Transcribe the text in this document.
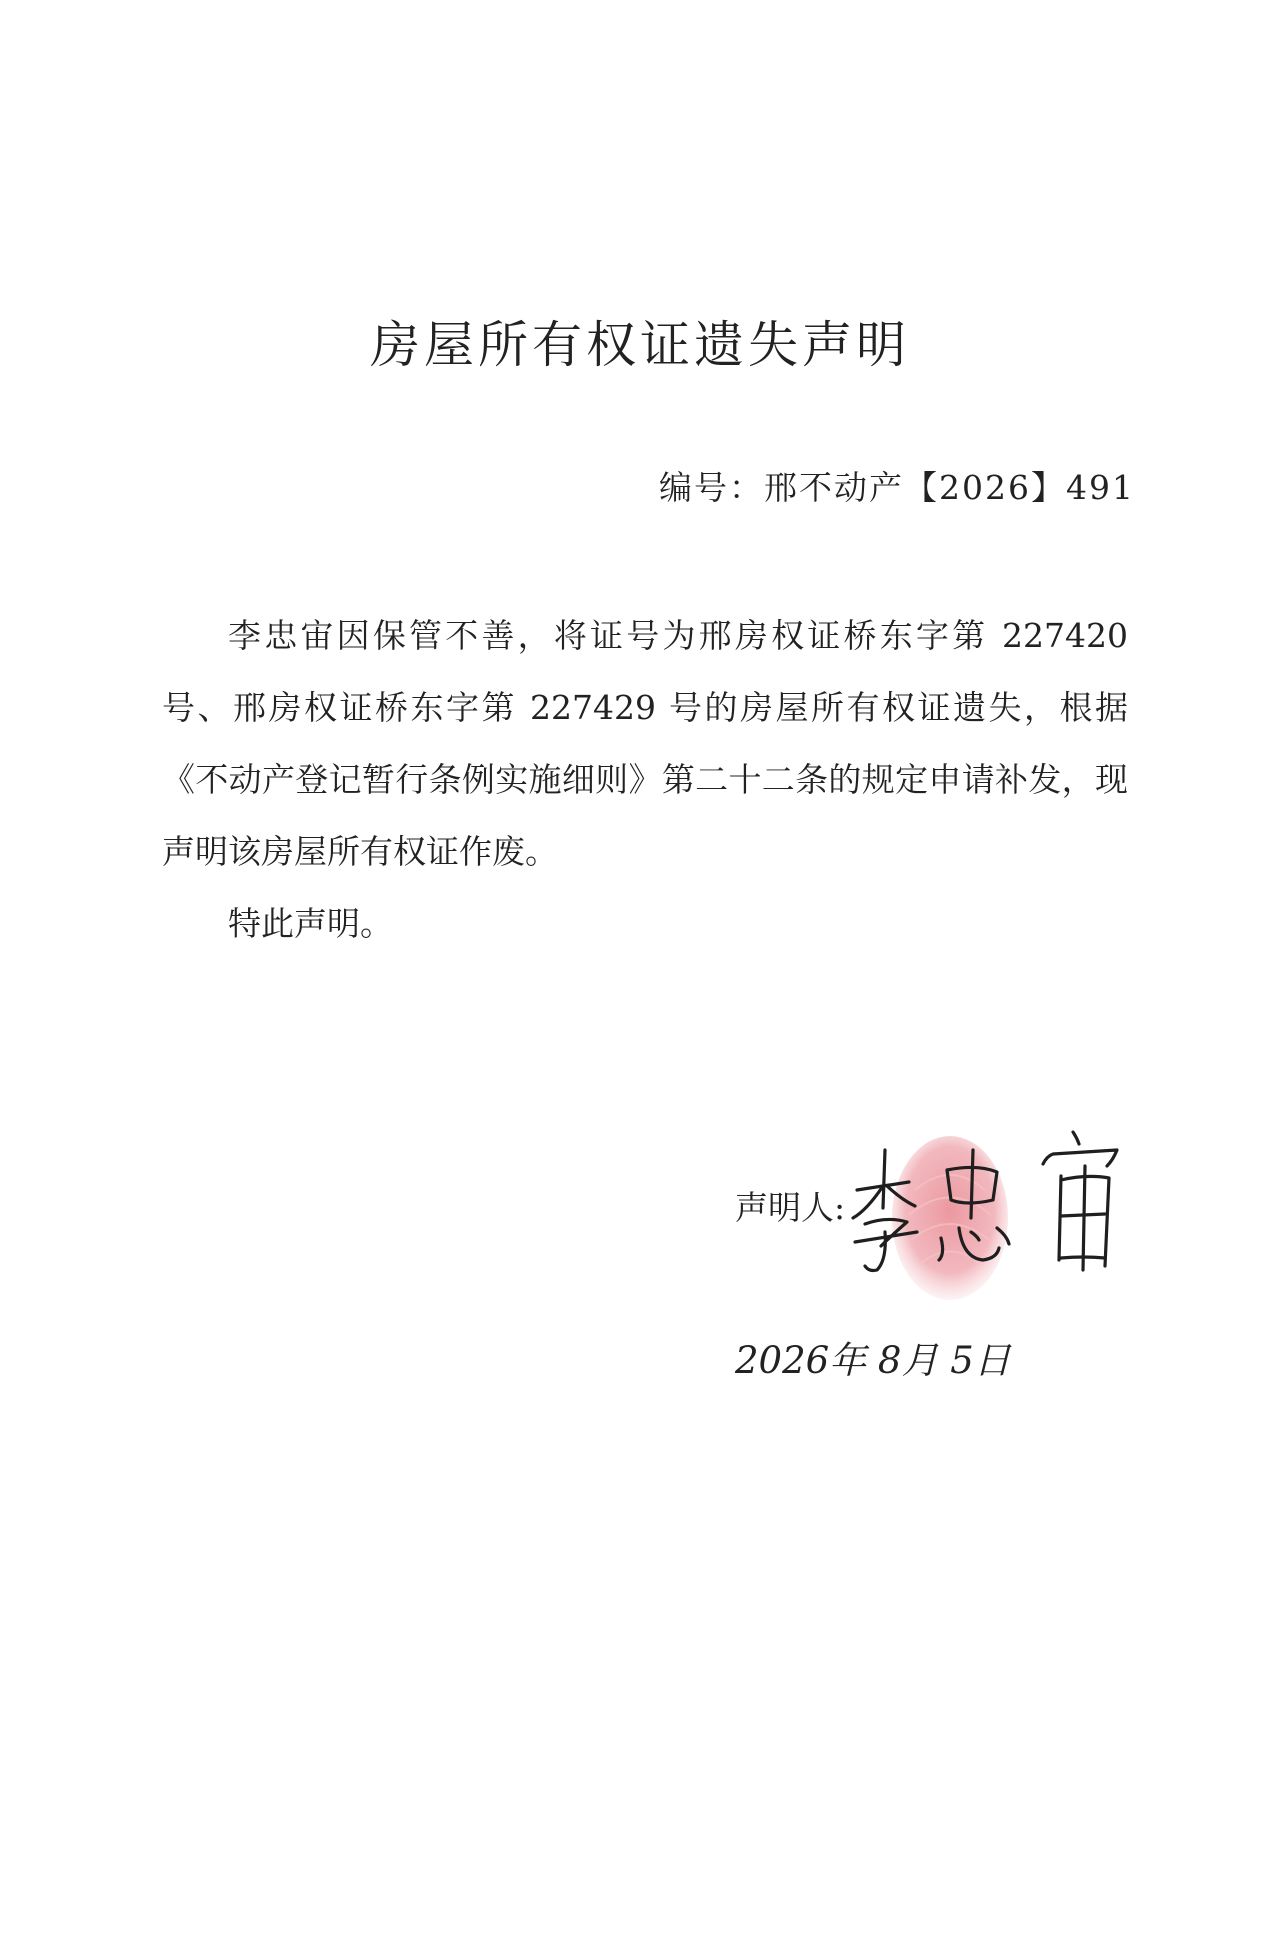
房屋所有权证遗失声明
编号：邢不动产【2026】491

李忠宙因保管不善，将证号为邢房权证桥东字第 227420 号、邢房权证桥东字第 227429 号的房屋所有权证遗失，根据《不动产登记暂行条例实施细则》第二十二条的规定申请补发，现声明该房屋所有权证作废。

特此声明。

声明人:
2026年 8月 5日
